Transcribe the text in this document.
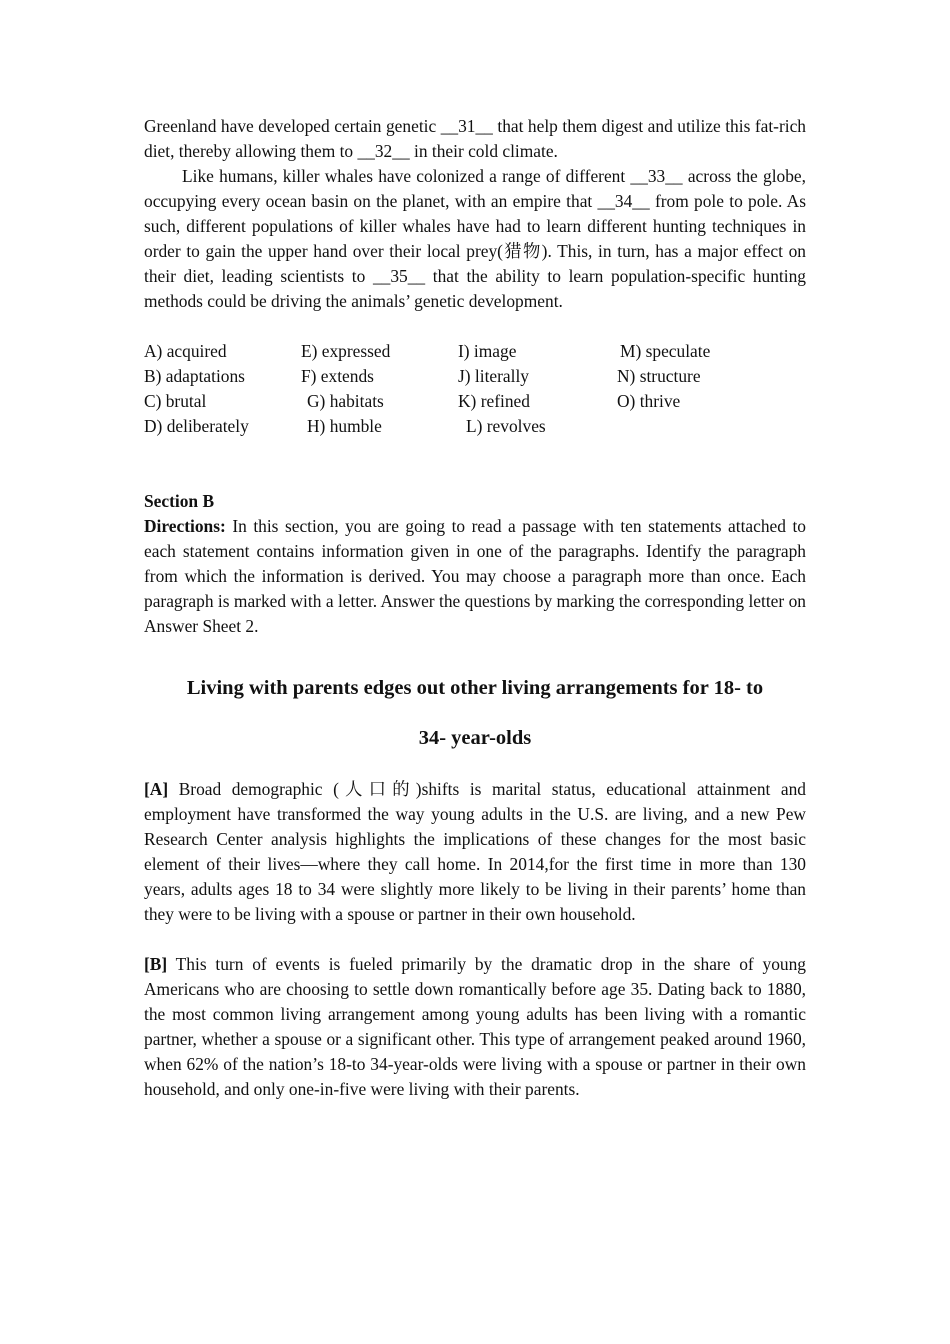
Greenland have developed certain genetic __31__ that help them digest and utilize this fat-rich diet, thereby allowing them to __32__ in their cold climate.

Like humans, killer whales have colonized a range of different __33__ across the globe, occupying every ocean basin on the planet, with an empire that __34__ from pole to pole. As such, different populations of killer whales have had to learn different hunting techniques in order to gain the upper hand over their local prey(猎物). This, in turn, has a major effect on their diet, leading scientists to __35__ that the ability to learn population-specific hunting methods could be driving the animals’ genetic development.

A) acquired	E) expressed	I) image	M) speculate
B) adaptations	F) extends	J) literally	N) structure
C) brutal	G) habitats	K) refined	O) thrive
D) deliberately	H) humble	L) revolves
Section B

Directions: In this section, you are going to read a passage with ten statements attached to each statement contains information given in one of the paragraphs. Identify the paragraph from which the information is derived. You may choose a paragraph more than once. Each paragraph is marked with a letter. Answer the questions by marking the corresponding letter on Answer Sheet 2.

Living with parents edges out other living arrangements for 18- to
34- year-olds

[A] Broad demographic (人口的)shifts is marital status, educational attainment and employment have transformed the way young adults in the U.S. are living, and a new Pew Research Center analysis highlights the implications of these changes for the most basic element of their lives—where they call home. In 2014,for the first time in more than 130 years, adults ages 18 to 34 were slightly more likely to be living in their parents’ home than they were to be living with a spouse or partner in their own household.

[B] This turn of events is fueled primarily by the dramatic drop in the share of young Americans who are choosing to settle down romantically before age 35. Dating back to 1880, the most common living arrangement among young adults has been living with a romantic partner, whether a spouse or a significant other. This type of arrangement peaked around 1960, when 62% of the nation’s 18-to 34-year-olds were living with a spouse or partner in their own household, and only one-in-five were living with their parents.
